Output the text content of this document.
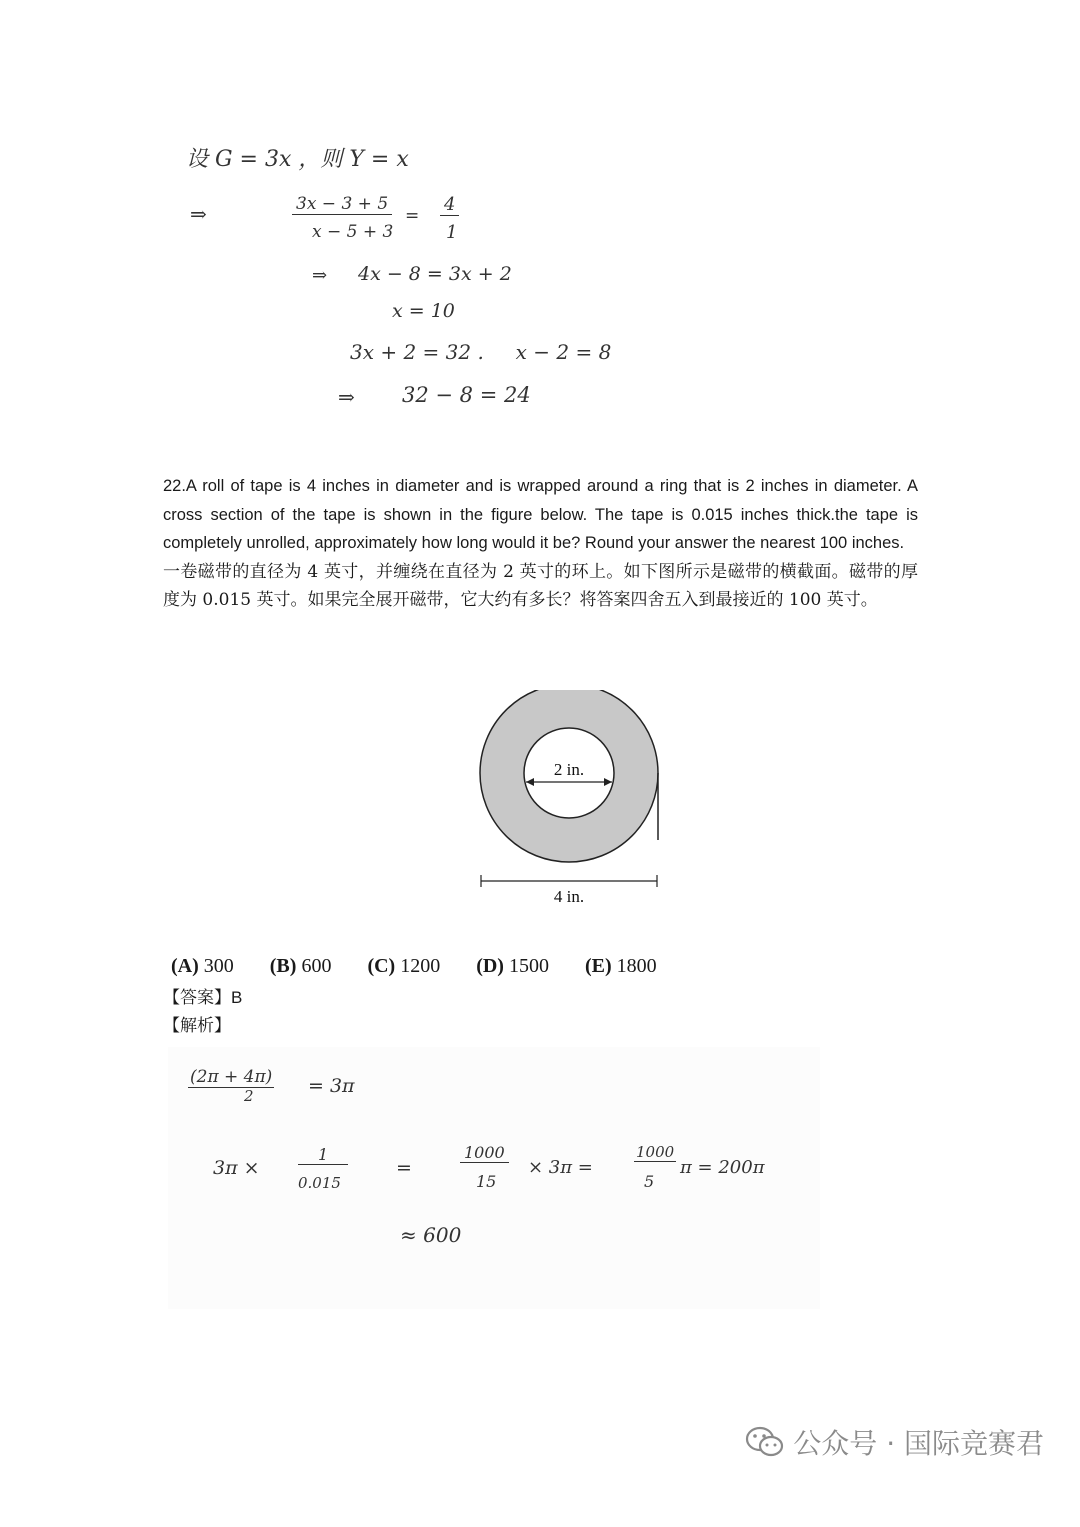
设 G = 3x ，则 Y = x
⇒	3x − 3 + 5
x − 5 + 3
=
4
1
⇒ 4x − 8 = 3x + 2
x = 10
3x + 2 = 32 .     x − 2 = 8
⇒ 32 − 8 = 24

22.A roll of tape is 4 inches in diameter and is wrapped around a ring that is 2 inches in diameter. A cross section of the tape is shown in the figure below. The tape is 0.015 inches thick.the tape is completely unrolled, approximately how long would it be? Round your answer the nearest 100 inches.

一卷磁带的直径为 4 英寸，并缠绕在直径为 2 英寸的环上。如下图所示是磁带的横截面。磁带的厚度为 0.015 英寸。如果完全展开磁带，它大约有多长？将答案四舍五入到最接近的 100 英寸。

2 in.
4 in.
(A) 300 (B) 600 (C) 1200 (D) 1500 (E) 1800
【答案】B
【解析】
(2π + 4π)
2	= 3π
3π ×
1
0.015
=
1000
15
× 3π =
1000
5
π = 200π
≈ 600
公众号 · 国际竞赛君
